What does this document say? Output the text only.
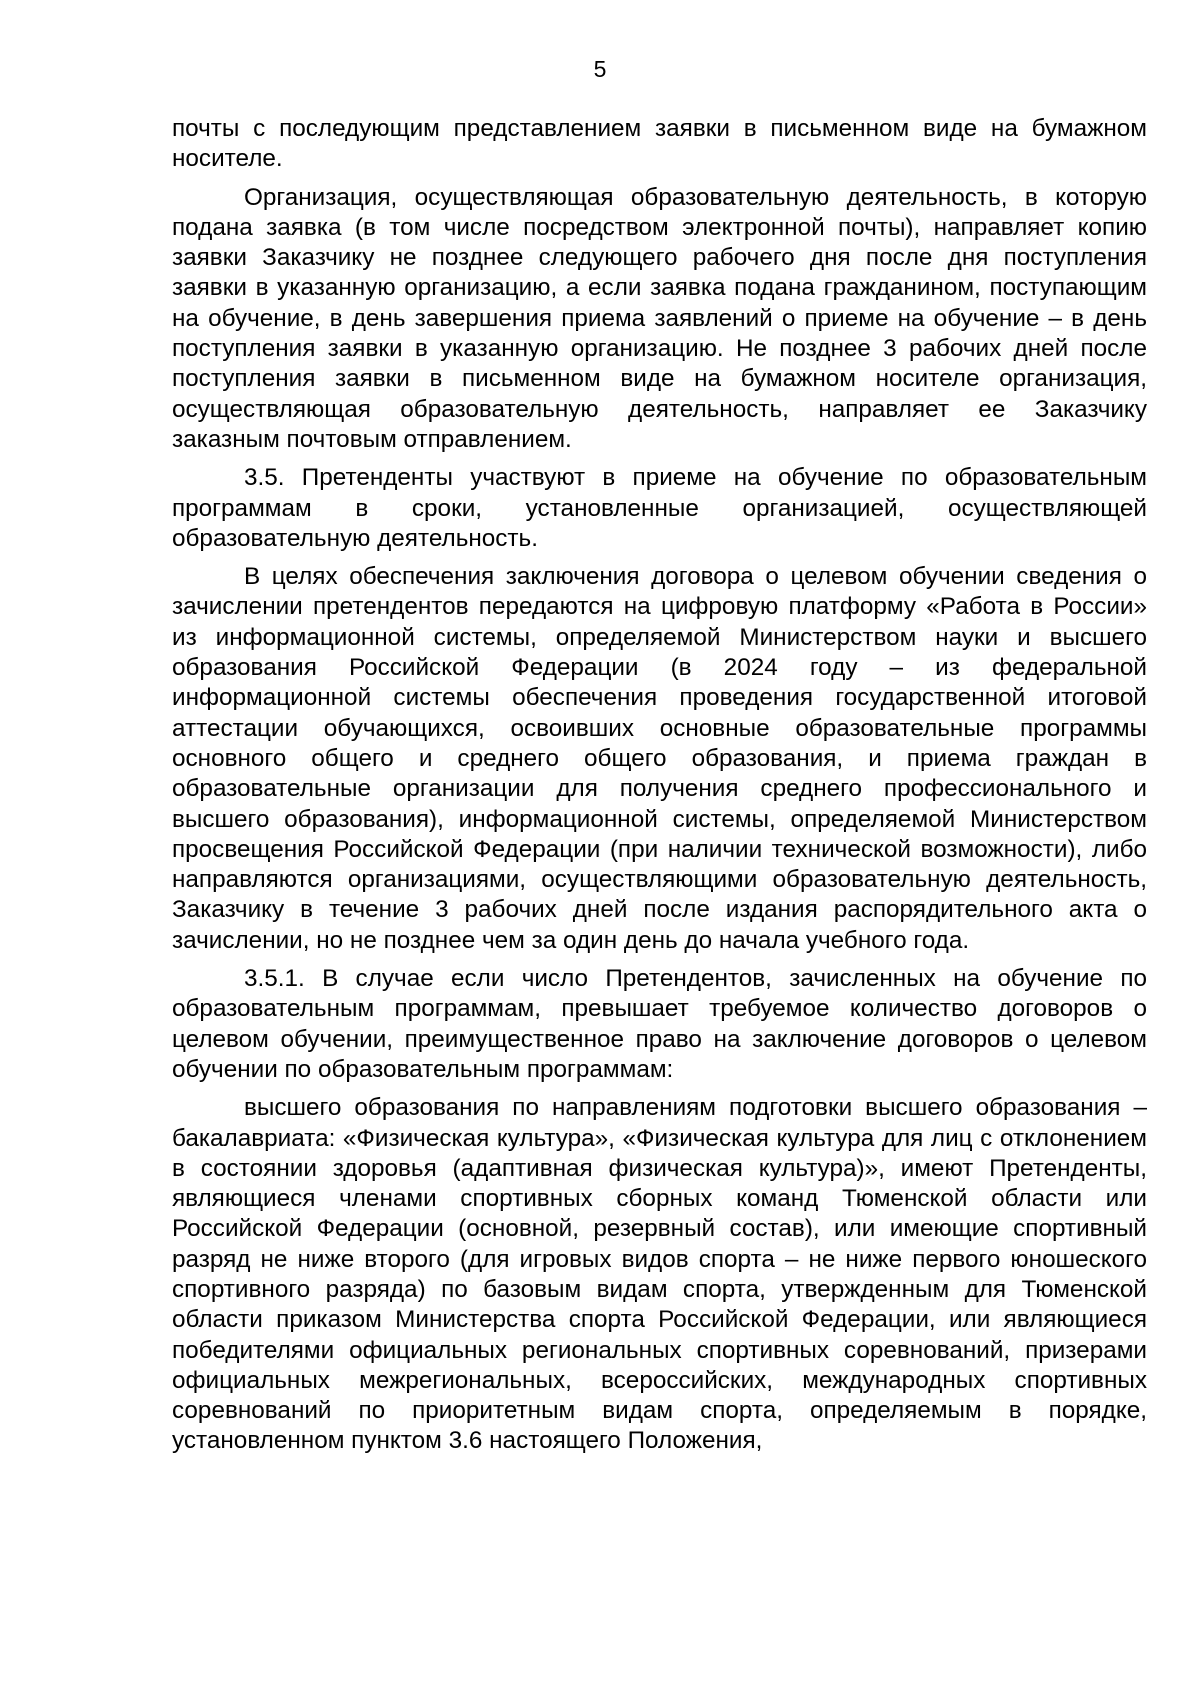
5

почты с последующим представлением заявки в письменном виде на бумажном носителе.

Организация, осуществляющая образовательную деятельность, в которую подана заявка (в том числе посредством электронной почты), направляет копию заявки Заказчику не позднее следующего рабочего дня после дня поступления заявки в указанную организацию, а если заявка подана гражданином, поступающим на обучение, в день завершения приема заявлений о приеме на обучение – в день поступления заявки в указанную организацию. Не позднее 3 рабочих дней после поступления заявки в письменном виде на бумажном носителе организация, осуществляющая образовательную деятельность, направляет ее Заказчику заказным почтовым отправлением.

3.5. Претенденты участвуют в приеме на обучение по образовательным программам в сроки, установленные организацией, осуществляющей образовательную деятельность.

В целях обеспечения заключения договора о целевом обучении сведения о зачислении претендентов передаются на цифровую платформу «Работа в России» из информационной системы, определяемой Министерством науки и высшего образования Российской Федерации (в 2024 году – из федеральной информационной системы обеспечения проведения государственной итоговой аттестации обучающихся, освоивших основные образовательные программы основного общего и среднего общего образования, и приема граждан в образовательные организации для получения среднего профессионального и высшего образования), информационной системы, определяемой Министерством просвещения Российской Федерации (при наличии технической возможности), либо направляются организациями, осуществляющими образовательную деятельность, Заказчику в течение 3 рабочих дней после издания распорядительного акта о зачислении, но не позднее чем за один день до начала учебного года.

3.5.1. В случае если число Претендентов, зачисленных на обучение по образовательным программам, превышает требуемое количество договоров о целевом обучении, преимущественное право на заключение договоров о целевом обучении по образовательным программам:

высшего образования по направлениям подготовки высшего образования – бакалавриата: «Физическая культура», «Физическая культура для лиц с отклонением в состоянии здоровья (адаптивная физическая культура)», имеют Претенденты, являющиеся членами спортивных сборных команд Тюменской области или Российской Федерации (основной, резервный состав), или имеющие спортивный разряд не ниже второго (для игровых видов спорта – не ниже первого юношеского спортивного разряда) по базовым видам спорта, утвержденным для Тюменской области приказом Министерства спорта Российской Федерации, или являющиеся победителями официальных региональных спортивных соревнований, призерами официальных межрегиональных, всероссийских, международных спортивных соревнований по приоритетным видам спорта, определяемым в порядке, установленном пунктом 3.6 настоящего Положения,
